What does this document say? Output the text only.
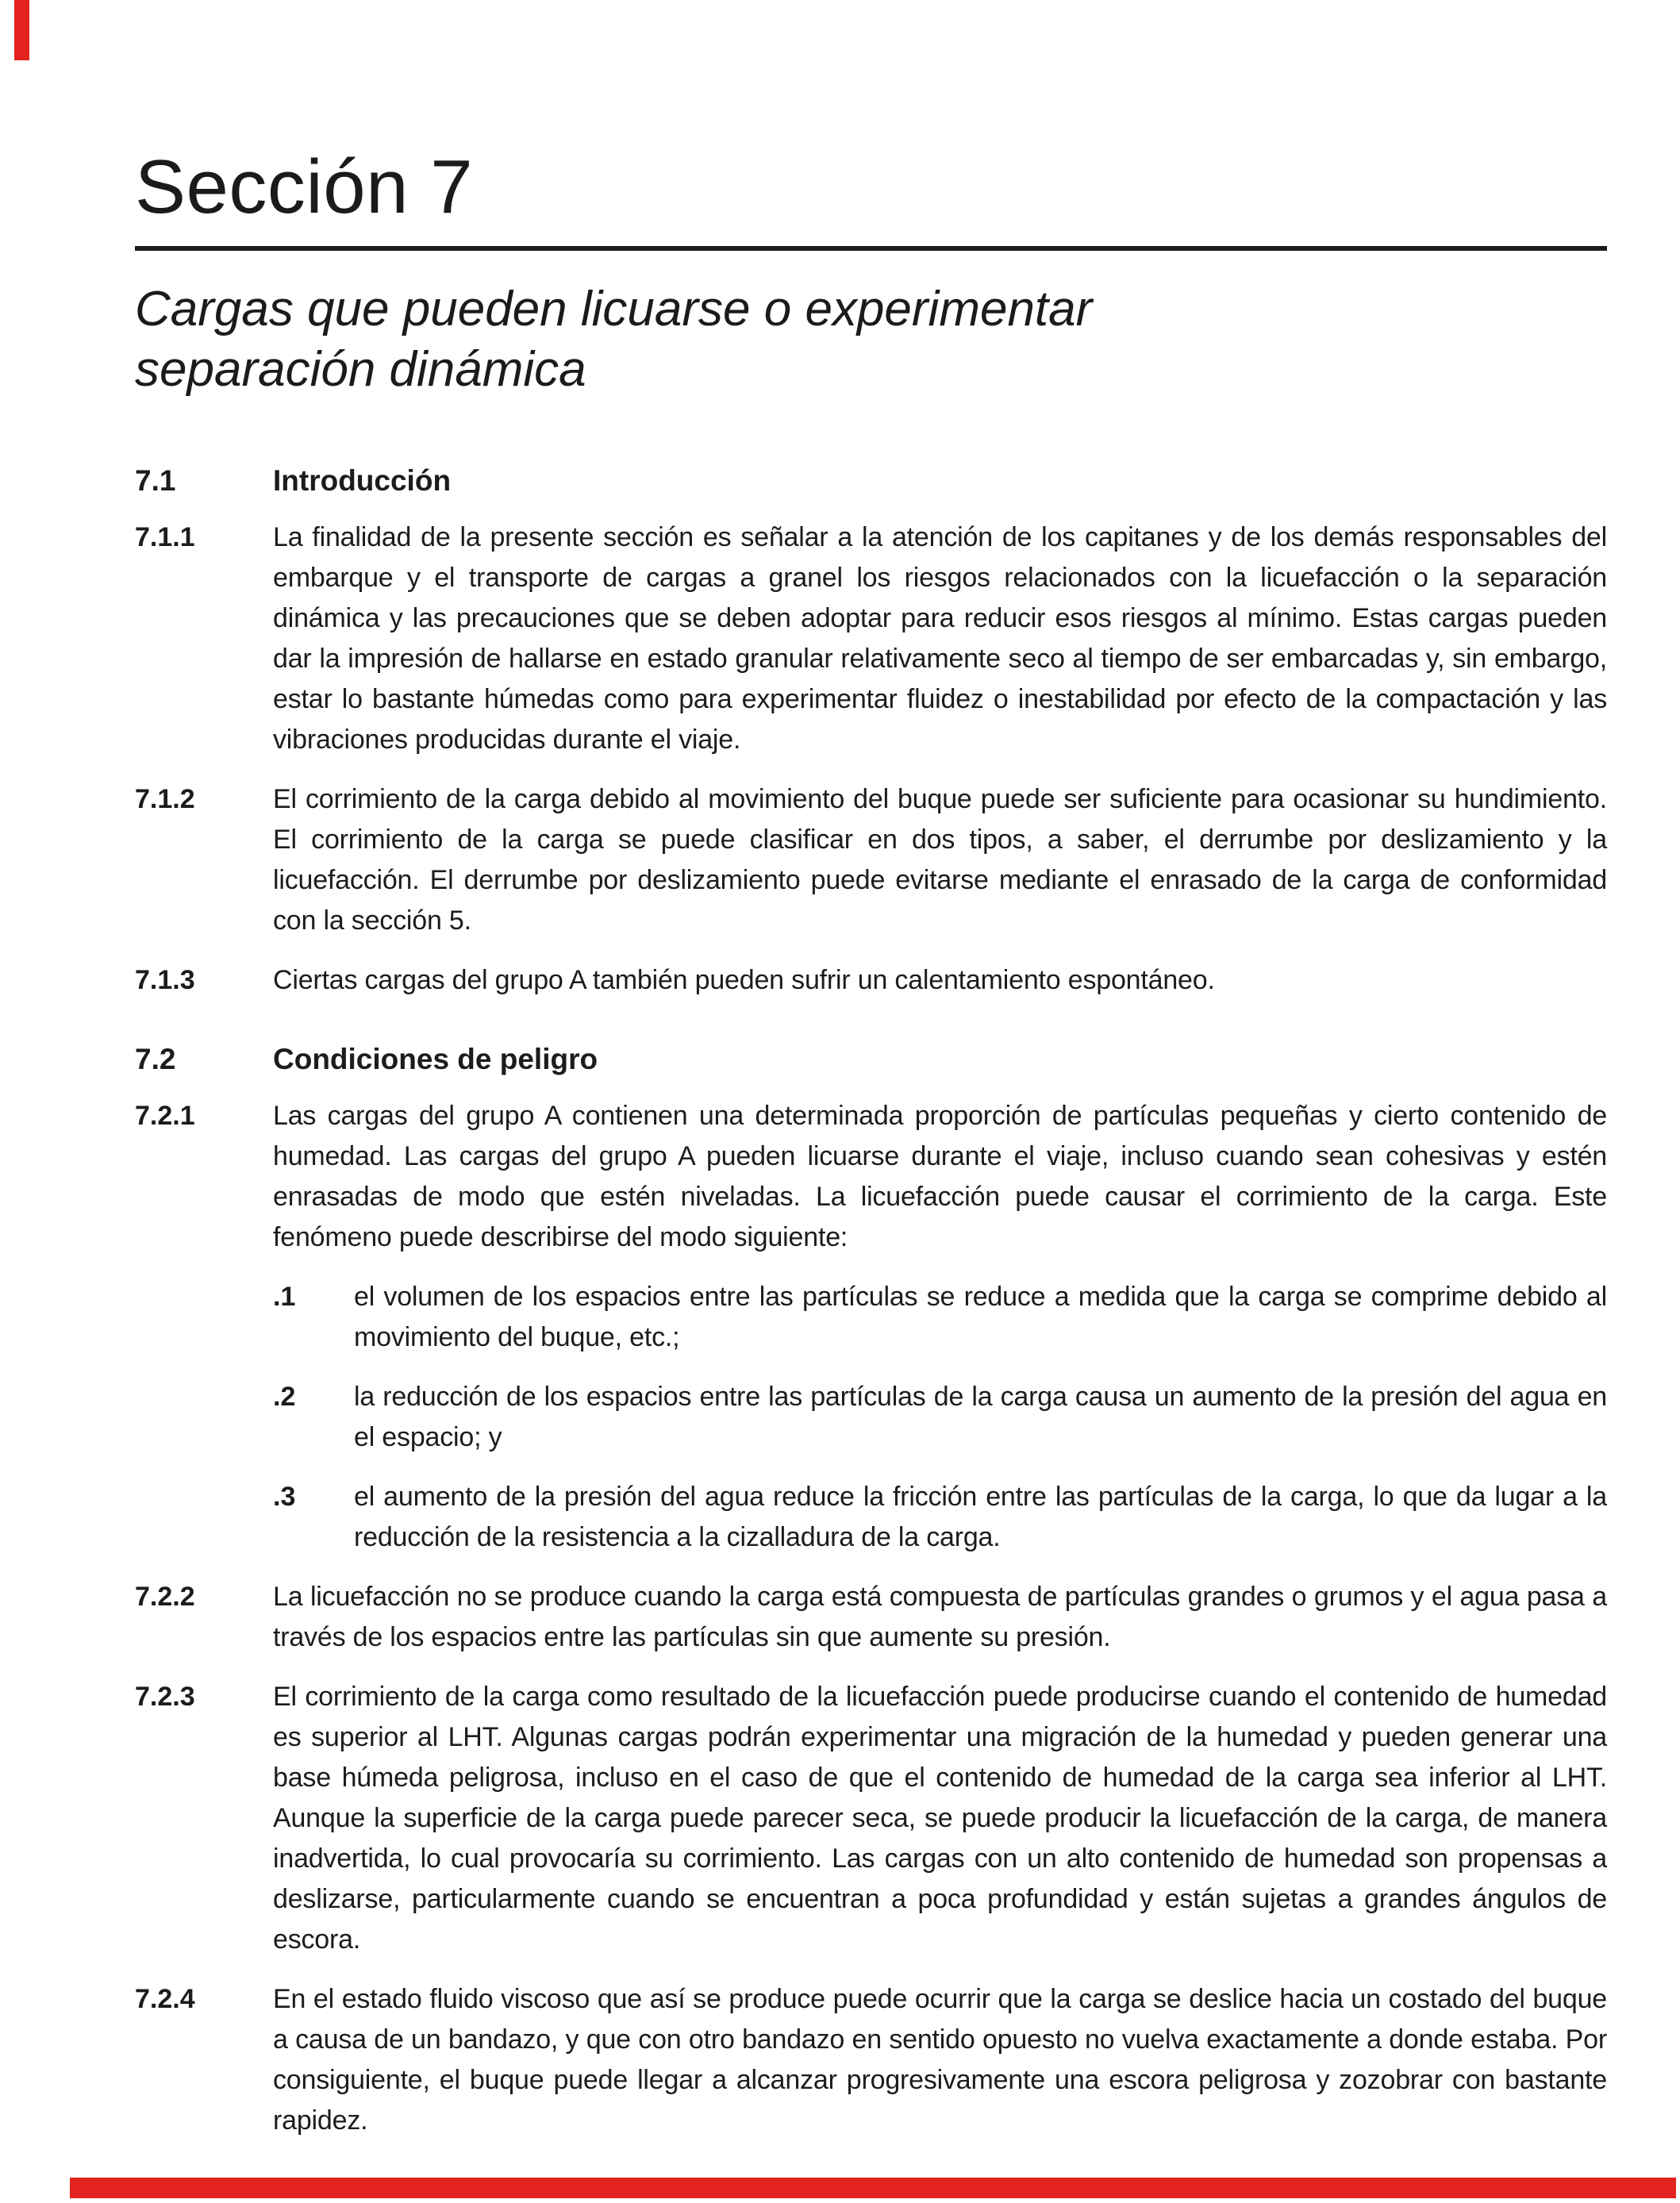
Sección 7
Cargas que pueden licuarse o experimentar
separación dinámica
7.1	Introducción
7.1.1	La finalidad de la presente sección es señalar a la atención de los capitanes y de los demás responsables del embarque y el transporte de cargas a granel los riesgos relacionados con la licuefacción o la separación dinámica y las precauciones que se deben adoptar para reducir esos riesgos al mínimo. Estas cargas pueden dar la impresión de hallarse en estado granular relativamente seco al tiempo de ser embarcadas y, sin embargo, estar lo bastante húmedas como para experimentar fluidez o inestabilidad por efecto de la compactación y las vibraciones producidas durante el viaje.

7.1.2	El corrimiento de la carga debido al movimiento del buque puede ser suficiente para ocasionar su hundimiento. El corrimiento de la carga se puede clasificar en dos tipos, a saber, el derrumbe por deslizamiento y la licuefacción. El derrumbe por deslizamiento puede evitarse mediante el enrasado de la carga de conformidad con la sección 5.

7.1.3	Ciertas cargas del grupo A también pueden sufrir un calentamiento espontáneo.

7.2	Condiciones de peligro
7.2.1	Las cargas del grupo A contienen una determinada proporción de partículas pequeñas y cierto contenido de humedad. Las cargas del grupo A pueden licuarse durante el viaje, incluso cuando sean cohesivas y estén enrasadas de modo que estén niveladas. La licuefacción puede causar el corrimiento de la carga. Este fenómeno puede describirse del modo siguiente:

.1	el volumen de los espacios entre las partículas se reduce a medida que la carga se comprime debido al movimiento del buque, etc.;

.2	la reducción de los espacios entre las partículas de la carga causa un aumento de la presión del agua en el espacio; y

.3	el aumento de la presión del agua reduce la fricción entre las partículas de la carga, lo que da lugar a la reducción de la resistencia a la cizalladura de la carga.

7.2.2	La licuefacción no se produce cuando la carga está compuesta de partículas grandes o grumos y el agua pasa a través de los espacios entre las partículas sin que aumente su presión.

7.2.3	El corrimiento de la carga como resultado de la licuefacción puede producirse cuando el contenido de humedad es superior al LHT. Algunas cargas podrán experimentar una migración de la humedad y pueden generar una base húmeda peligrosa, incluso en el caso de que el contenido de humedad de la carga sea inferior al LHT. Aunque la superficie de la carga puede parecer seca, se puede producir la licuefacción de la carga, de manera inadvertida, lo cual provocaría su corrimiento. Las cargas con un alto contenido de humedad son propensas a deslizarse, particularmente cuando se encuentran a poca profundidad y están sujetas a grandes ángulos de escora.

7.2.4	En el estado fluido viscoso que así se produce puede ocurrir que la carga se deslice hacia un costado del buque a causa de un bandazo, y que con otro bandazo en sentido opuesto no vuelva exactamente a donde estaba. Por consiguiente, el buque puede llegar a alcanzar progresivamente una escora peligrosa y zozobrar con bastante rapidez.
